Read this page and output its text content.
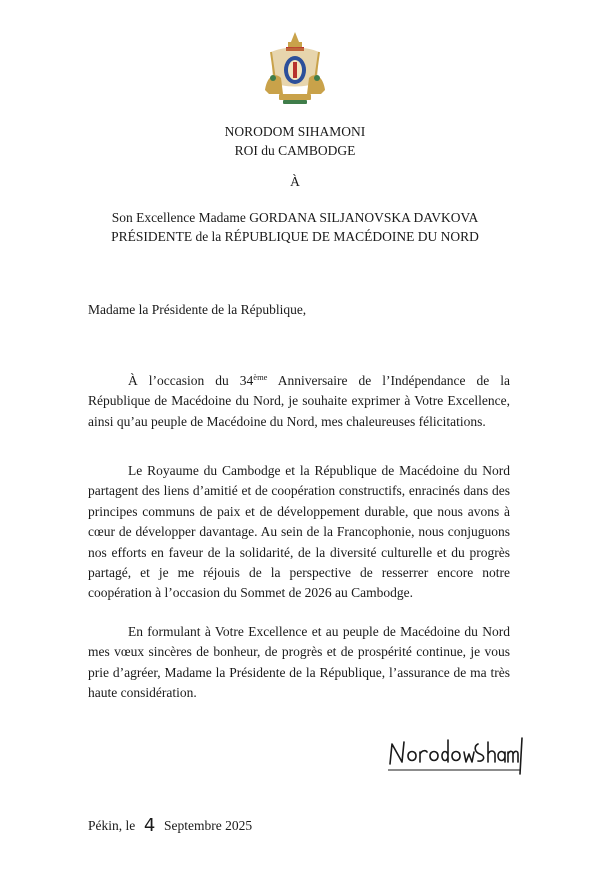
NORODOM SIHAMONI
ROI du CAMBODGE
À
Son Excellence Madame GORDANA SILJANOVSKA DAVKOVA
PRÉSIDENTE de la RÉPUBLIQUE DE MACÉDOINE DU NORD
Madame la Présidente de la République,

À l’occasion du 34ème Anniversaire de l’Indépendance de la République de Macédoine du Nord, je souhaite exprimer à Votre Excellence, ainsi qu’au peuple de Macédoine du Nord, mes chaleureuses félicitations.

Le Royaume du Cambodge et la République de Macédoine du Nord partagent des liens d’amitié et de coopération constructifs, enracinés dans des principes communs de paix et de développement durable, que nous avons à cœur de développer davantage. Au sein de la Francophonie, nous conjuguons nos efforts en faveur de la solidarité, de la diversité culturelle et du progrès partagé, et je me réjouis de la perspective de resserrer encore notre coopération à l’occasion du Sommet de 2026 au Cambodge.

En formulant à Votre Excellence et au peuple de Macédoine du Nord mes vœux sincères de bonheur, de progrès et de prospérité continue, je vous prie d’agréer, Madame la Présidente de la République, l’assurance de ma très haute considération.

Pékin, le 4 Septembre 2025
